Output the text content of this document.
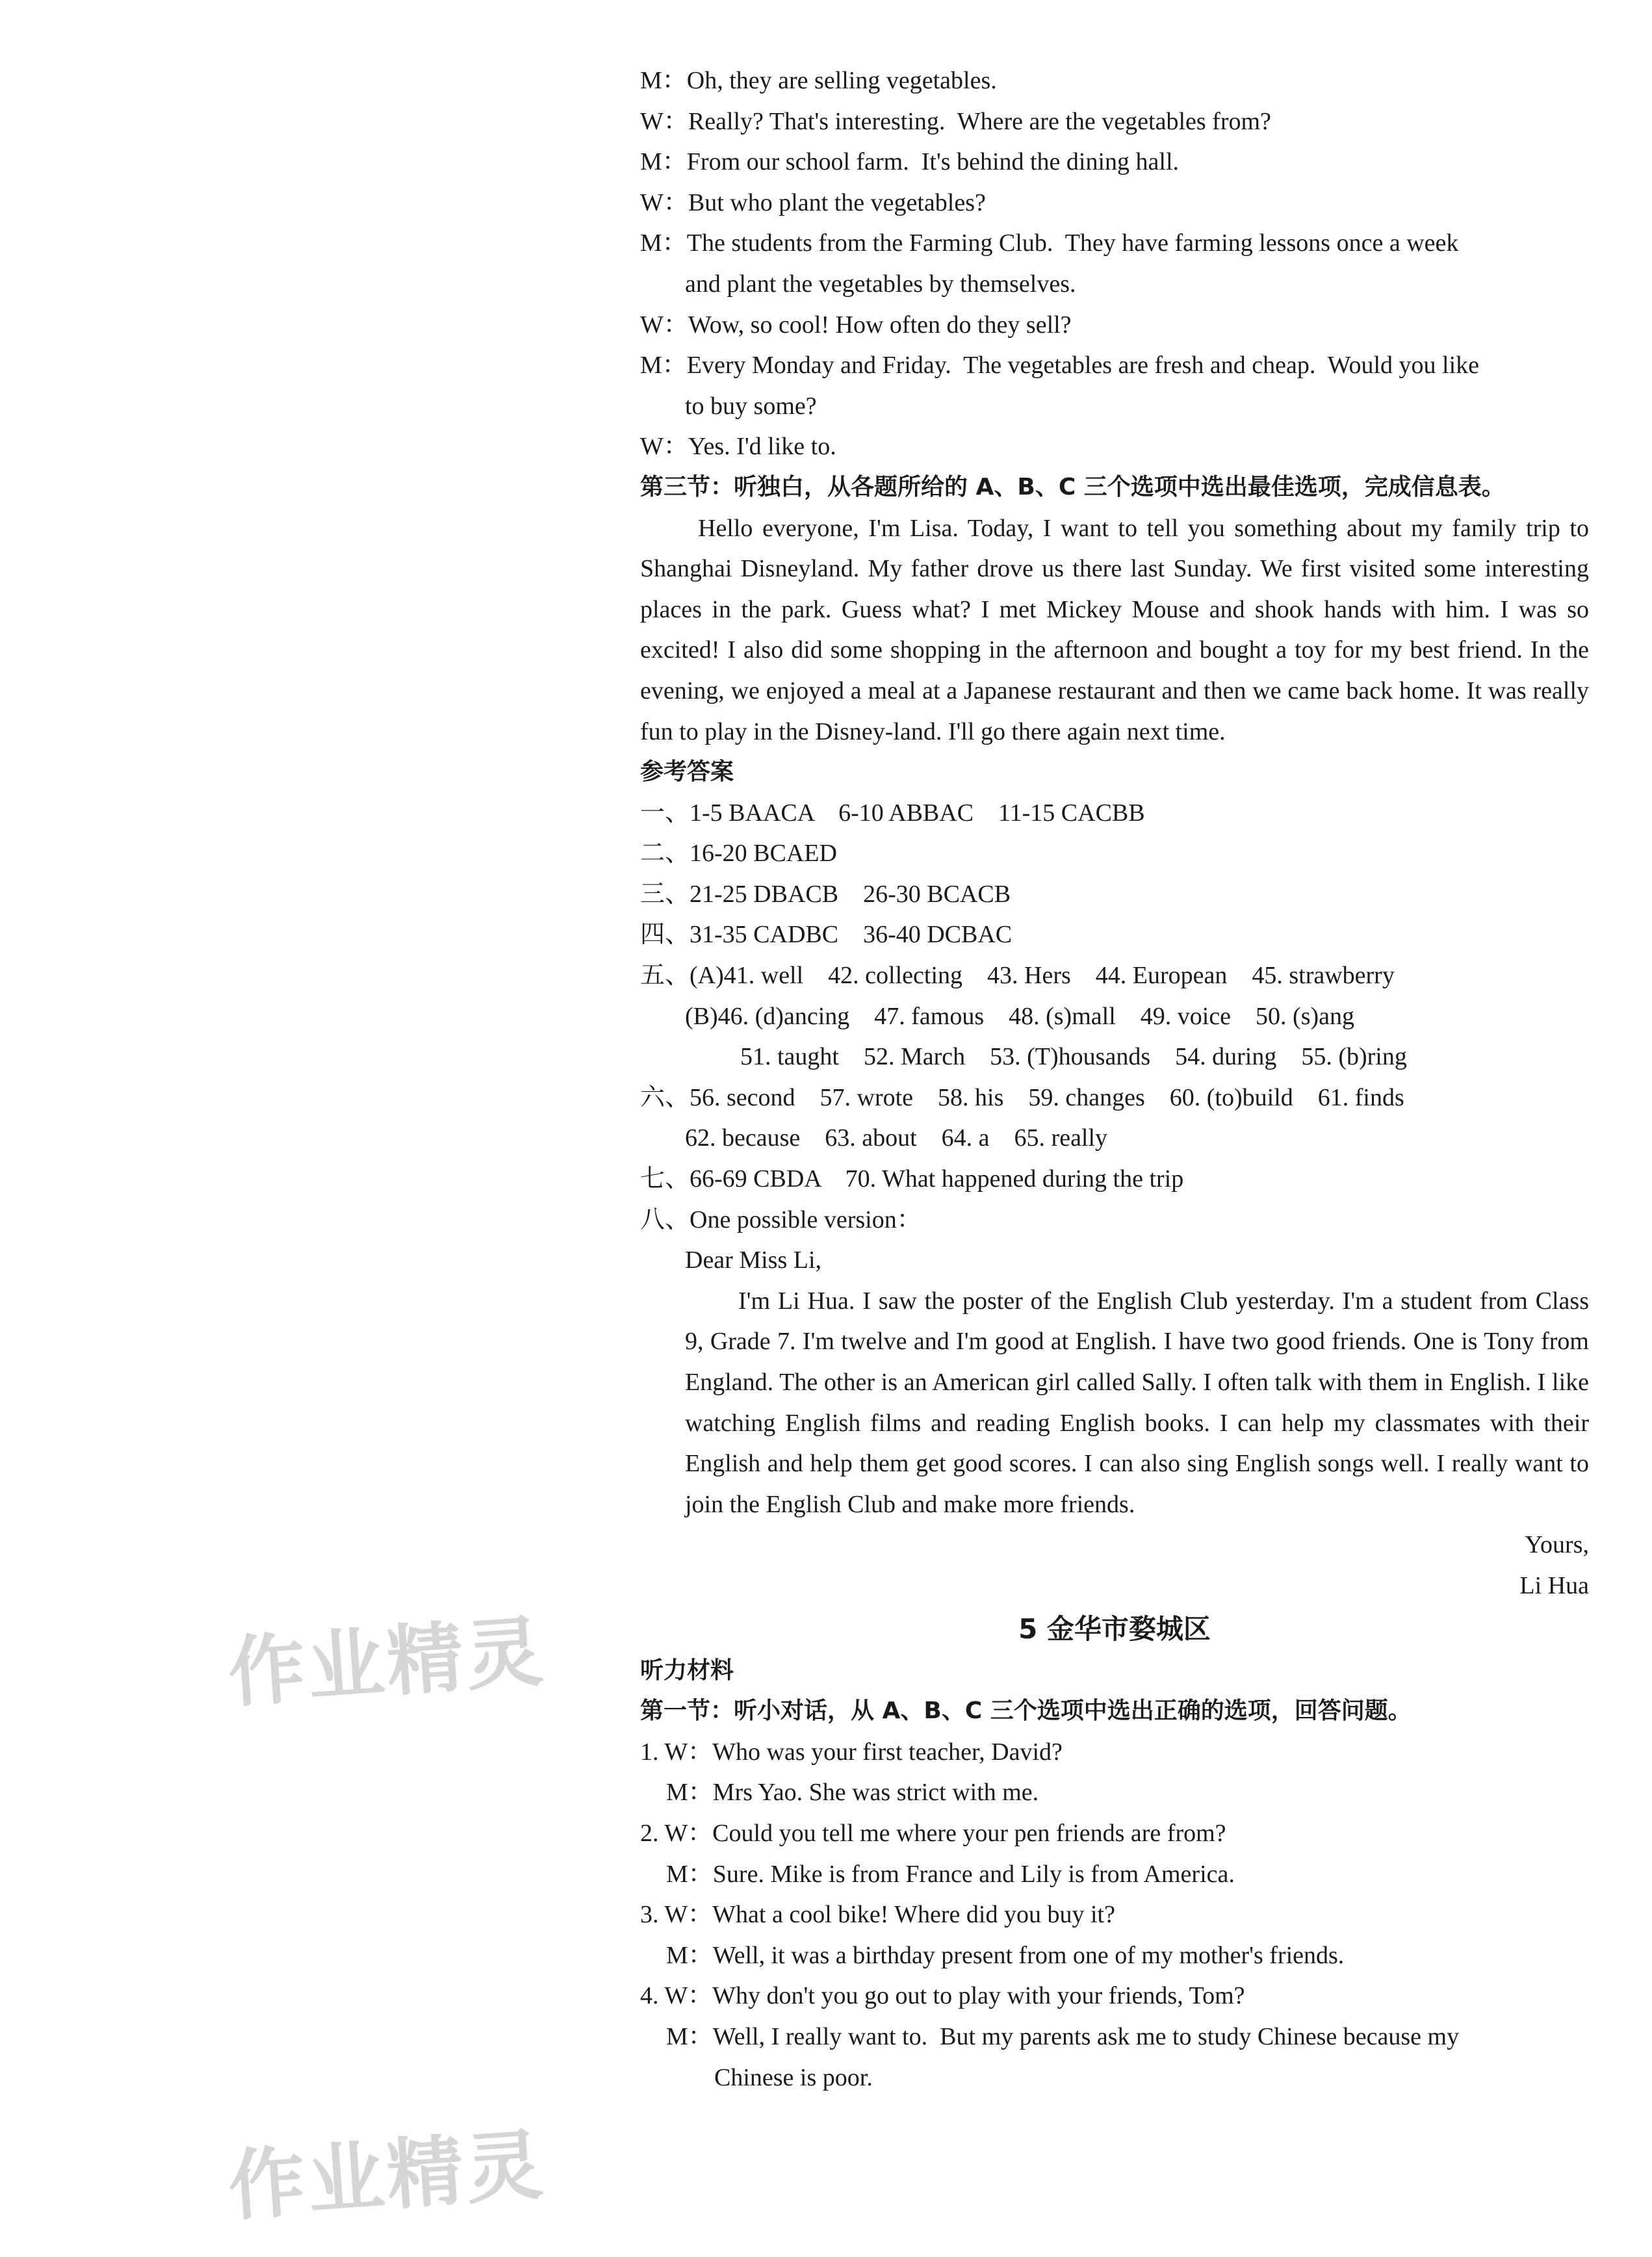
作业精灵
作业精灵
M：Oh, they are selling vegetables.
W：Really? That's interesting.  Where are the vegetables from?
M：From our school farm.  It's behind the dining hall.
W：But who plant the vegetables?
M：The students from the Farming Club.  They have farming lessons once a week
and plant the vegetables by themselves.
W：Wow, so cool! How often do they sell?
M：Every Monday and Friday.  The vegetables are fresh and cheap.  Would you like
to buy some?
W：Yes. I'd like to.
第三节：听独白，从各题所给的 A、B、C 三个选项中选出最佳选项，完成信息表。
Hello everyone, I'm Lisa. Today, I want to tell you something about my family trip to Shanghai Disneyland. My father drove us there last Sunday. We first visited some interesting places in the park. Guess what? I met Mickey Mouse and shook hands with him. I was so excited! I also did some shopping in the afternoon and bought a toy for my best friend. In the evening, we enjoyed a meal at a Japanese restaurant and then we came back home. It was really fun to play in the Disney-land. I'll go there again next time.
参考答案
一、1-5 BAACA    6-10 ABBAC    11-15 CACBB
二、16-20 BCAED
三、21-25 DBACB    26-30 BCACB
四、31-35 CADBC    36-40 DCBAC
五、(A)41. well    42. collecting    43. Hers    44. European    45. strawberry
(B)46. (d)ancing    47. famous    48. (s)mall    49. voice    50. (s)ang
51. taught    52. March    53. (T)housands    54. during    55. (b)ring
六、56. second    57. wrote    58. his    59. changes    60. (to)build    61. finds
62. because    63. about    64. a    65. really
七、66-69 CBDA    70. What happened during the trip
八、One possible version：
Dear Miss Li,
I'm Li Hua. I saw the poster of the English Club yesterday. I'm a student from Class 9, Grade 7. I'm twelve and I'm good at English. I have two good friends. One is Tony from England. The other is an American girl called Sally. I often talk with them in English. I like watching English films and reading English books. I can help my classmates with their English and help them get good scores. I can also sing English songs well. I really want to join the English Club and make more friends.
Yours,
Li Hua
5 金华市婺城区
听力材料
第一节：听小对话，从 A、B、C 三个选项中选出正确的选项，回答问题。
1. W：Who was your first teacher, David?
M：Mrs Yao. She was strict with me.
2. W：Could you tell me where your pen friends are from?
M：Sure. Mike is from France and Lily is from America.
3. W：What a cool bike! Where did you buy it?
M：Well, it was a birthday present from one of my mother's friends.
4. W：Why don't you go out to play with your friends, Tom?
M：Well, I really want to.  But my parents ask me to study Chinese because my
Chinese is poor.
